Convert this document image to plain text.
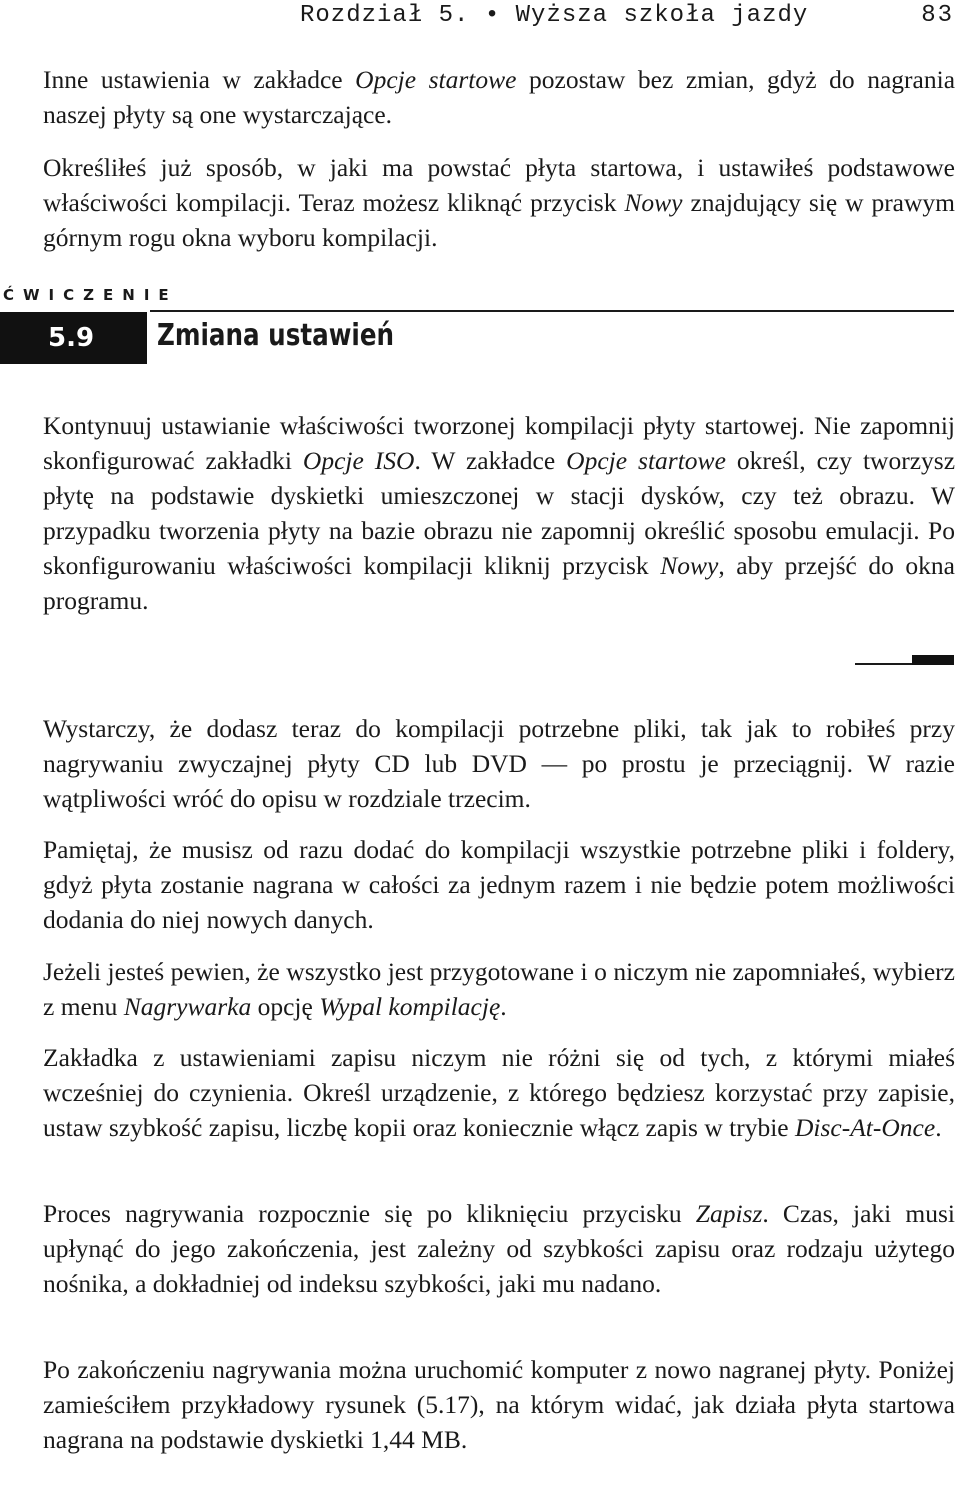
Rozdział 5. • Wyższa szkoła jazdy	83

Inne ustawienia w zakładce Opcje startowe pozostaw bez zmian, gdyż do nagrania naszej płyty są one wystarczające.

Określiłeś już sposób, w jaki ma powstać płyta startowa, i ustawiłeś podstawowe właściwości kompilacji. Teraz możesz kliknąć przycisk Nowy znajdujący się w prawym górnym rogu okna wyboru kompilacji.

ĆWICZENIE
5.9	Zmiana ustawień

Kontynuuj ustawianie właściwości tworzonej kompilacji płyty startowej. Nie zapomnij skonfigurować zakładki Opcje ISO. W zakładce Opcje startowe określ, czy tworzysz płytę na podstawie dyskietki umieszczonej w stacji dysków, czy też obrazu. W przypadku tworzenia płyty na bazie obrazu nie zapomnij określić sposobu emulacji. Po skonfigurowaniu właściwości kompilacji kliknij przycisk Nowy, aby przejść do okna programu.

Wystarczy, że dodasz teraz do kompilacji potrzebne pliki, tak jak to robiłeś przy nagrywaniu zwyczajnej płyty CD lub DVD — po prostu je przeciągnij. W razie wątpliwości wróć do opisu w rozdziale trzecim.

Pamiętaj, że musisz od razu dodać do kompilacji wszystkie potrzebne pliki i foldery, gdyż płyta zostanie nagrana w całości za jednym razem i nie będzie potem możliwości dodania do niej nowych danych.

Jeżeli jesteś pewien, że wszystko jest przygotowane i o niczym nie zapomniałeś, wybierz z menu Nagrywarka opcję Wypal kompilację.

Zakładka z ustawieniami zapisu niczym nie różni się od tych, z którymi miałeś wcześniej do czynienia. Określ urządzenie, z którego będziesz korzystać przy zapisie, ustaw szybkość zapisu, liczbę kopii oraz koniecznie włącz zapis w trybie Disc-At-Once.

Proces nagrywania rozpocznie się po kliknięciu przycisku Zapisz. Czas, jaki musi upłynąć do jego zakończenia, jest zależny od szybkości zapisu oraz rodzaju użytego nośnika, a dokładniej od indeksu szybkości, jaki mu nadano.

Po zakończeniu nagrywania można uruchomić komputer z nowo nagranej płyty. Poniżej zamieściłem przykładowy rysunek (5.17), na którym widać, jak działa płyta startowa nagrana na podstawie dyskietki 1,44 MB.
